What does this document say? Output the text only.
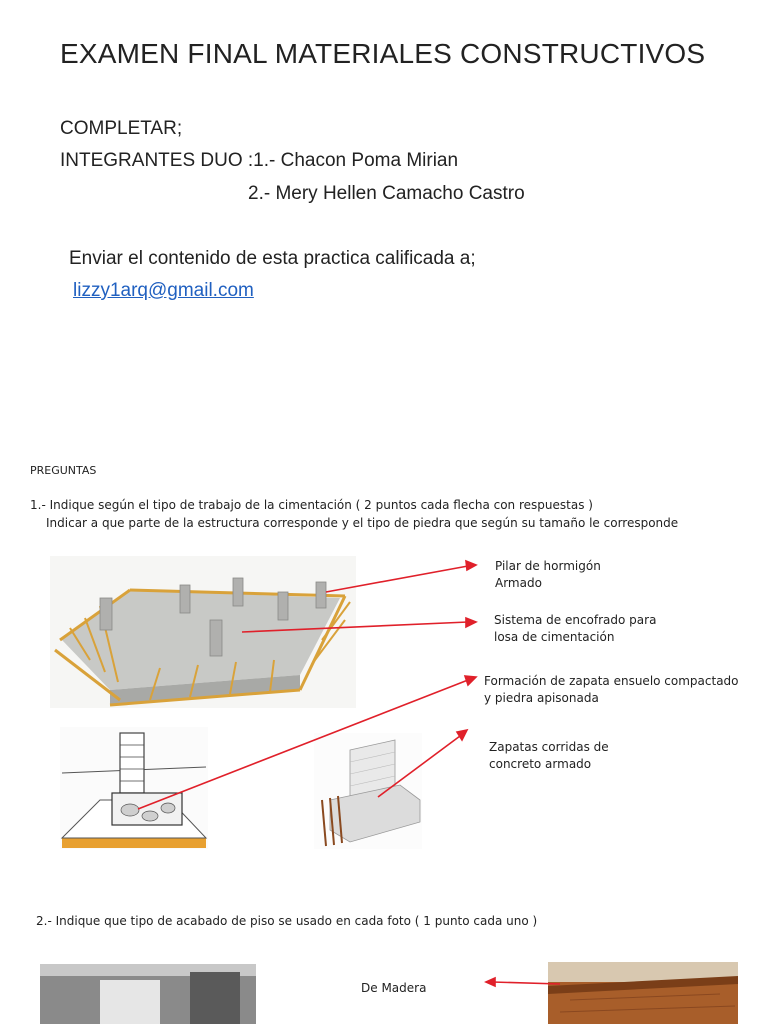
EXAMEN FINAL MATERIALES CONSTRUCTIVOS
COMPLETAR;
INTEGRANTES DUO :1.- Chacon Poma Mirian
2.- Mery Hellen Camacho Castro
Enviar el contenido de esta practica calificada a;
lizzy1arq@gmail.com
PREGUNTAS
1.- Indique según el tipo de trabajo de la cimentación ( 2 puntos cada flecha con respuestas )
Indicar a que parte de la estructura corresponde y el tipo de piedra que según su tamaño le corresponde
Pilar de hormigón
Armado
Sistema de encofrado para
losa de cimentación
Formación de zapata ensuelo compactado
y piedra apisonada
Zapatas corridas de
concreto armado
2.- Indique que tipo de acabado de piso se usado en cada foto ( 1 punto cada uno )
De Madera
